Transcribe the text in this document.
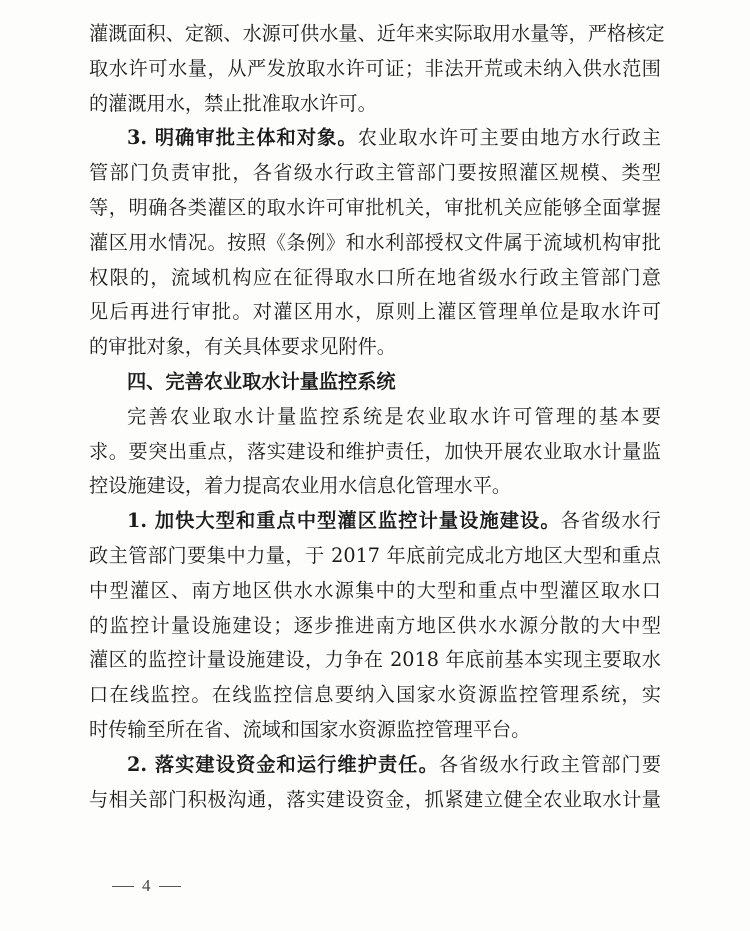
灌溉面积、定额、水源可供水量、近年来实际取用水量等，严格核定
取水许可水量，从严发放取水许可证；非法开荒或未纳入供水范围
的灌溉用水，禁止批准取水许可。
3. 明确审批主体和对象。农业取水许可主要由地方水行政主
管部门负责审批，各省级水行政主管部门要按照灌区规模、类型
等，明确各类灌区的取水许可审批机关，审批机关应能够全面掌握
灌区用水情况。按照《条例》和水利部授权文件属于流域机构审批
权限的，流域机构应在征得取水口所在地省级水行政主管部门意
见后再进行审批。对灌区用水，原则上灌区管理单位是取水许可
的审批对象，有关具体要求见附件。
四、完善农业取水计量监控系统
完善农业取水计量监控系统是农业取水许可管理的基本要
求。要突出重点，落实建设和维护责任，加快开展农业取水计量监
控设施建设，着力提高农业用水信息化管理水平。
1. 加快大型和重点中型灌区监控计量设施建设。各省级水行
政主管部门要集中力量，于 2017 年底前完成北方地区大型和重点
中型灌区、南方地区供水水源集中的大型和重点中型灌区取水口
的监控计量设施建设；逐步推进南方地区供水水源分散的大中型
灌区的监控计量设施建设，力争在 2018 年底前基本实现主要取水
口在线监控。在线监控信息要纳入国家水资源监控管理系统，实
时传输至所在省、流域和国家水资源监控管理平台。
2. 落实建设资金和运行维护责任。各省级水行政主管部门要
与相关部门积极沟通，落实建设资金，抓紧建立健全农业取水计量
4
